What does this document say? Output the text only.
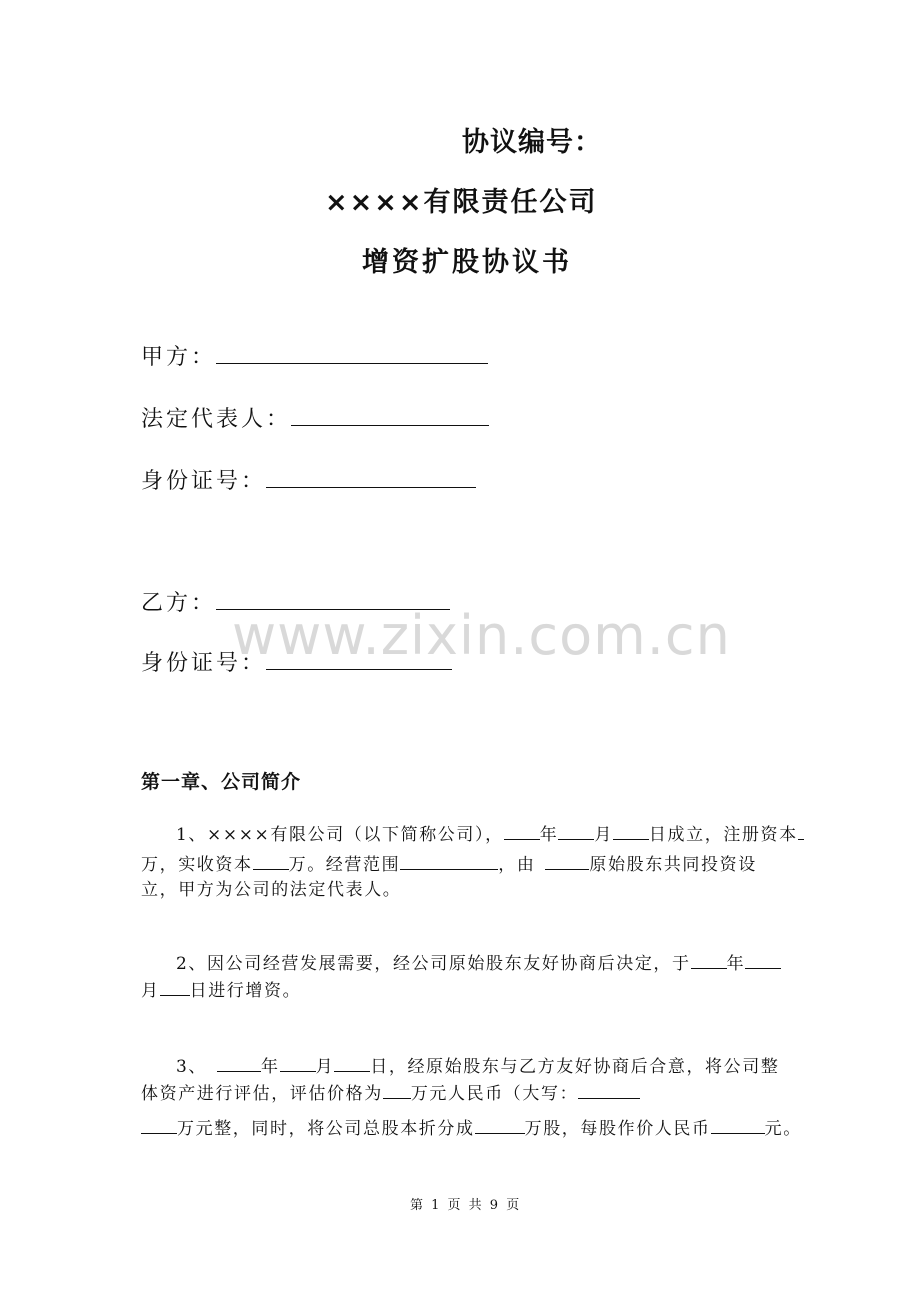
协议编号：
××××有限责任公司
增资扩股协议书
甲方：
法定代表人：
身份证号：
乙方：
身份证号：
www.zixin.com.cn
第一章、公司简介
1、××××有限公司（以下简称公司）， 年 月 日成立，注册资本
万，实收资本 万。经营范围	，由	原始股东共同投资设
立，甲方为公司的法定代表人。
2、因公司经营发展需要，经公司原始股东友好协商后决定，于 年
月 日进行增资。
3、	年 月 日，经原始股东与乙方友好协商后合意，将公司整
体资产进行评估，评估价格为 万元人民币（大写：
万元整，同时，将公司总股本折分成	万股，每股作价人民币	元。
第 1 页 共 9 页
